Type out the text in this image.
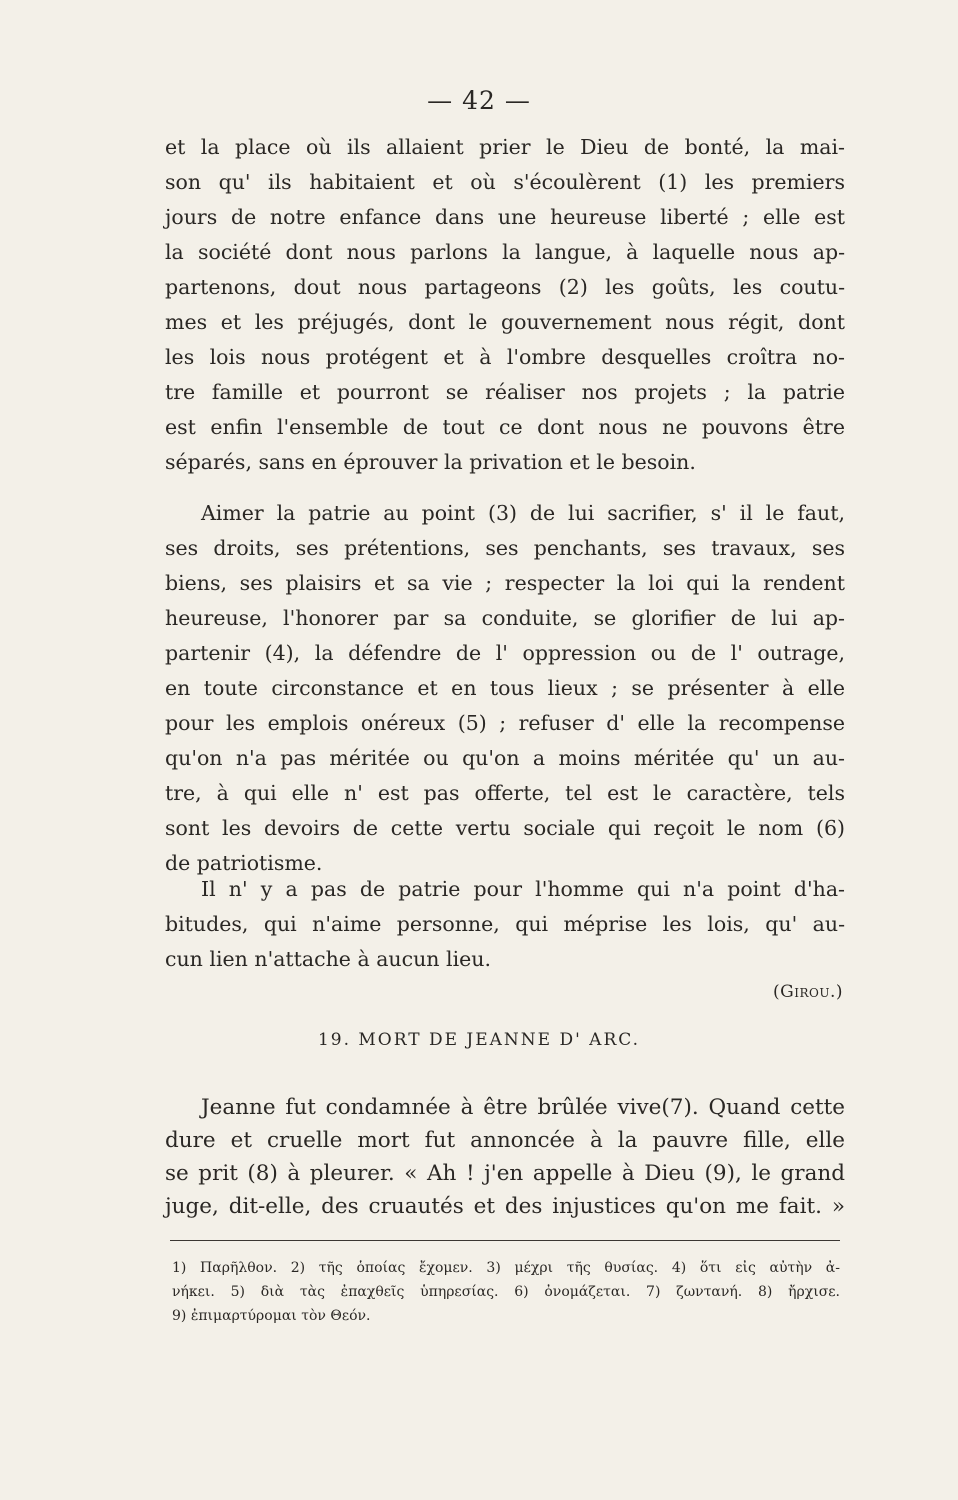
— 42 —
et la place où ils allaient prier le Dieu de bonté, la mai-
son qu' ils habitaient et où s'écoulèrent (1) les premiers
jours de notre enfance dans une heureuse liberté ; elle est
la société dont nous parlons la langue, à laquelle nous ap-
partenons, dout nous partageons (2) les goûts, les coutu-
mes et les préjugés, dont le gouvernement nous régit, dont
les lois nous protégent et à l'ombre desquelles croîtra no-
tre famille et pourront se réaliser nos projets ; la patrie
est enfin l'ensemble de tout ce dont nous ne pouvons être
séparés, sans en éprouver la privation et le besoin.
Aimer la patrie au point (3) de lui sacrifier, s' il le faut,
ses droits, ses prétentions, ses penchants, ses travaux, ses
biens, ses plaisirs et sa vie ; respecter la loi qui la rendent
heureuse, l'honorer par sa conduite, se glorifier de lui ap-
partenir (4), la défendre de l' oppression ou de l' outrage,
en toute circonstance et en tous lieux ; se présenter à elle
pour les emplois onéreux (5) ; refuser d' elle la recompense
qu'on n'a pas méritée ou qu'on a moins méritée qu' un au-
tre, à qui elle n' est pas offerte, tel est le caractère, tels
sont les devoirs de cette vertu sociale qui reçoit le nom (6)
de patriotisme.
Il n' y a pas de patrie pour l'homme qui n'a point d'ha-
bitudes, qui n'aime personne, qui méprise les lois, qu' au-
cun lien n'attache à aucun lieu.
(Girou.)
19. MORT DE JEANNE D' ARC.
Jeanne fut condamnée à être brûlée vive(7). Quand cette
dure et cruelle mort fut annoncée à la pauvre fille, elle
se prit (8) à pleurer. « Ah ! j'en appelle à Dieu (9), le grand
juge, dit-elle, des cruautés et des injustices qu'on me fait. »
1) Παρῆλθον. 2) τῆς ὁποίας ἔχομεν. 3) μέχρι τῆς θυσίας. 4) ὅτι εἰς αὐτὴν ἀ-
νήκει. 5) διὰ τὰς ἐπαχθεῖς ὑπηρεσίας. 6) ὀνομάζεται. 7) ζωντανή. 8) ἤρχισε.
9) ἐπιμαρτύρομαι τὸν Θεόν.
